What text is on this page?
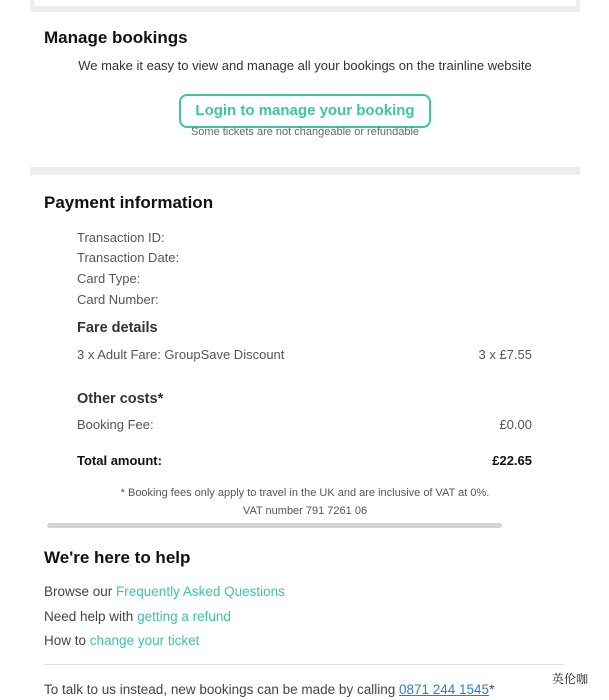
Manage bookings
We make it easy to view and manage all your bookings on the trainline website
Login to manage your booking
Some tickets are not changeable or refundable
Payment information
Transaction ID:
Transaction Date:
Card Type:
Card Number:
Fare details
3 x Adult Fare: GroupSave Discount	3 x £7.55
Other costs*
Booking Fee:	£0.00
Total amount:	£22.65
* Booking fees only apply to travel in the UK and are inclusive of VAT at 0%.
VAT number 791 7261 06
We're here to help
Browse our Frequently Asked Questions
Need help with getting a refund
How to change your ticket
英伦咖
To talk to us instead, new bookings can be made by calling 0871 244 1545*
